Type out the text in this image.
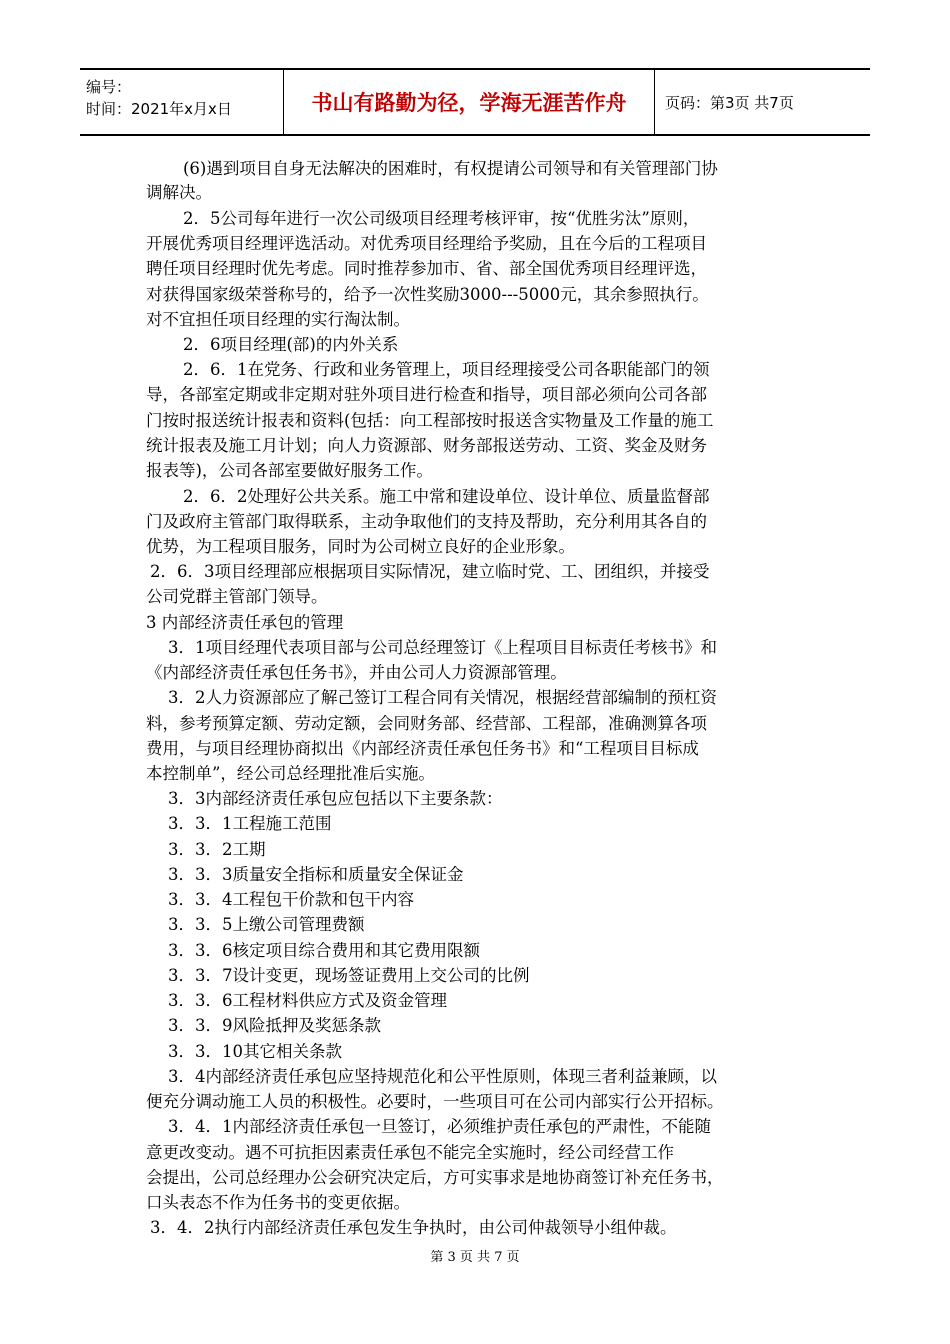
编号：
时间：2021年x月x日	书山有路勤为径，学海无涯苦作舟	页码：第3页 共7页
(6)遇到项目自身无法解决的困难时，有权提请公司领导和有关管理部门协
调解决。
2．5公司每年进行一次公司级项目经理考核评审，按“优胜劣汰”原则，
开展优秀项目经理评选活动。对优秀项目经理给予奖励，且在今后的工程项目
聘任项目经理时优先考虑。同时推荐参加市、省、部全国优秀项目经理评选，
对获得国家级荣誉称号的，给予一次性奖励3000---5000元，其余参照执行。
对不宜担任项目经理的实行淘汰制。
2．6项目经理(部)的内外关系
2．6．1在党务、行政和业务管理上，项目经理接受公司各职能部门的领
导，各部室定期或非定期对驻外项目进行检查和指导，项目部必须向公司各部
门按时报送统计报表和资料(包括：向工程部按时报送含实物量及工作量的施工
统计报表及施工月计划；向人力资源部、财务部报送劳动、工资、奖金及财务
报表等)，公司各部室要做好服务工作。
2．6．2处理好公共关系。施工中常和建设单位、设计单位、质量监督部
门及政府主管部门取得联系，主动争取他们的支持及帮助，充分利用其各自的
优势，为工程项目服务，同时为公司树立良好的企业形象。
2．6．3项目经理部应根据项目实际情况，建立临时党、工、团组织，并接受
公司党群主管部门领导。
3 内部经济责任承包的管理
3．1项目经理代表项目部与公司总经理签订《上程项目目标责任考核书》和
《内部经济责任承包任务书》，并由公司人力资源部管理。
3．2人力资源部应了解己签订工程合同有关情况，根据经营部编制的预杠资
料，参考预算定额、劳动定额，会同财务部、经营部、工程部，准确测算各项
费用，与项目经理协商拟出《内部经济责任承包任务书》和“工程项目目标成
本控制单”，经公司总经理批准后实施。
3．3内部经济责任承包应包括以下主要条款：
3．3．1工程施工范围
3．3．2工期
3．3．3质量安全指标和质量安全保证金
3．3．4工程包干价款和包干内容
3．3．5上缴公司管理费额
3．3．6核定项目综合费用和其它费用限额
3．3．7设计变更，现场签证费用上交公司的比例
3．3．6工程材料供应方式及资金管理
3．3．9风险抵押及奖惩条款
3．3．10其它相关条款
3．4内部经济责任承包应坚持规范化和公平性原则，体现三者利益兼顾，以
便充分调动施工人员的积极性。必要时，一些项目可在公司内部实行公开招标。
3．4．1内部经济责任承包一旦签订，必须维护责任承包的严肃性，不能随
意更改变动。遇不可抗拒因素责任承包不能完全实施时，经公司经营工作
会提出，公司总经理办公会研究决定后，方可实事求是地协商签订补充任务书，
口头表态不作为任务书的变更依据。
3．4．2执行内部经济责任承包发生争执时，由公司仲裁领导小组仲裁。
第 3 页 共 7 页
